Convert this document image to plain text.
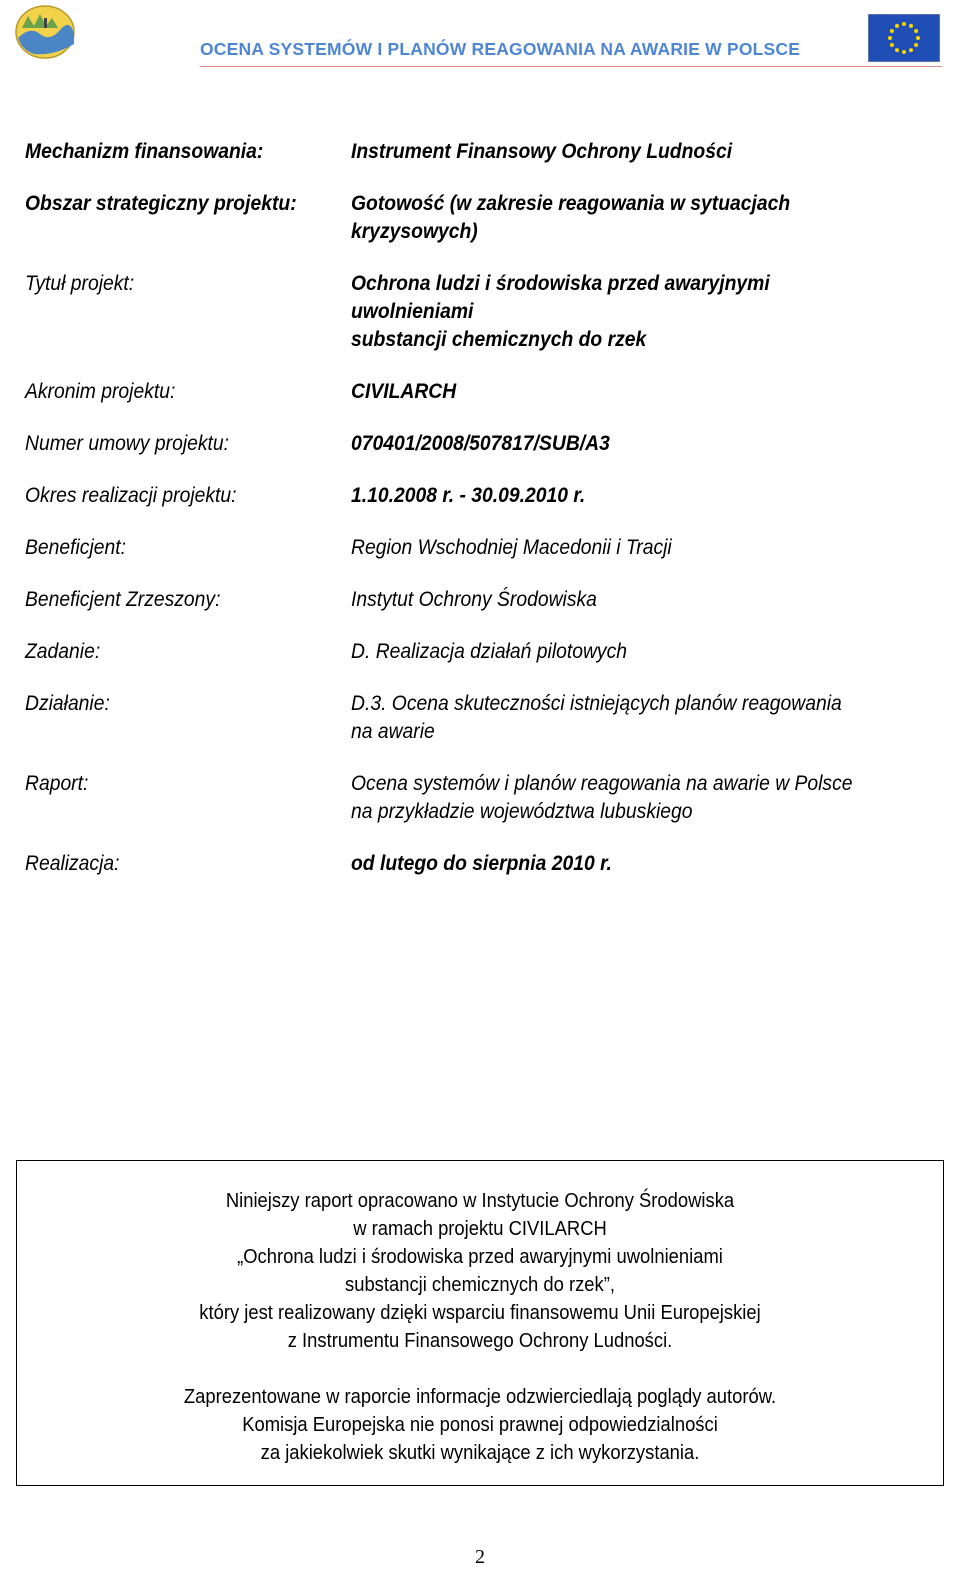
OCENA SYSTEMÓW I PLANÓW REAGOWANIA NA AWARIE W POLSCE
Mechanizm finansowania:	Instrument Finansowy Ochrony Ludności
Obszar strategiczny projektu:	Gotowość (w zakresie reagowania w sytuacjach
kryzysowych)
Tytuł projekt:	Ochrona ludzi i środowiska przed awaryjnymi uwolnieniami
substancji chemicznych do rzek
Akronim projektu:	CIVILARCH
Numer umowy projektu:	070401/2008/507817/SUB/A3
Okres realizacji projektu:	1.10.2008 r. - 30.09.2010 r.
Beneficjent:	Region Wschodniej Macedonii i Tracji
Beneficjent Zrzeszony:	Instytut Ochrony Środowiska
Zadanie:	D. Realizacja działań pilotowych
Działanie:	D.3. Ocena skuteczności istniejących planów reagowania
na awarie
Raport:	Ocena systemów i planów reagowania na awarie w Polsce
na przykładzie województwa lubuskiego
Realizacja:	od lutego do sierpnia 2010 r.
Niniejszy raport opracowano w Instytucie Ochrony Środowiska
w ramach projektu CIVILARCH
„Ochrona ludzi i środowiska przed awaryjnymi uwolnieniami
substancji chemicznych do rzek”,
który jest realizowany dzięki wsparciu finansowemu Unii Europejskiej
z Instrumentu Finansowego Ochrony Ludności.
Zaprezentowane w raporcie informacje odzwierciedlają poglądy autorów.
Komisja Europejska nie ponosi prawnej odpowiedzialności
za jakiekolwiek skutki wynikające z ich wykorzystania.
2
